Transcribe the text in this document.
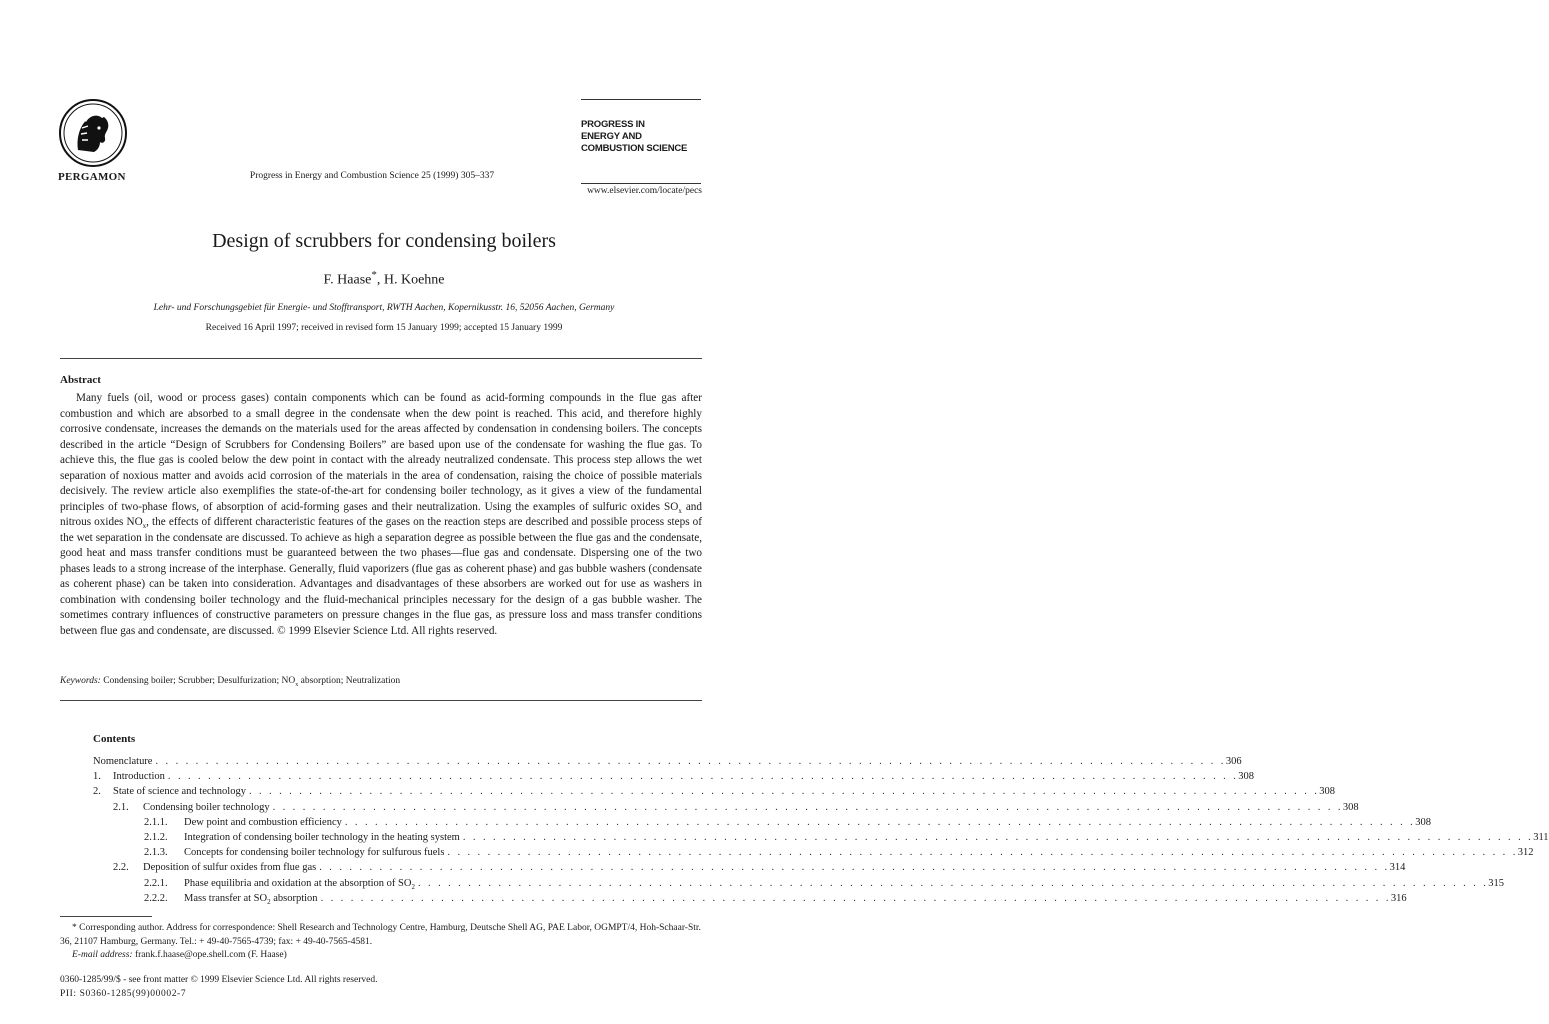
PERGAMON	Progress in Energy and Combustion Science 25 (1999) 305–337
PROGRESS IN
ENERGY AND
COMBUSTION SCIENCE
www.elsevier.com/locate/pecs
Design of scrubbers for condensing boilers
F. Haase*, H. Koehne
Lehr- und Forschungsgebiet für Energie- und Stofftransport, RWTH Aachen, Kopernikusstr. 16, 52056 Aachen, Germany
Received 16 April 1997; received in revised form 15 January 1999; accepted 15 January 1999
Abstract
Many fuels (oil, wood or process gases) contain components which can be found as acid-forming compounds in the flue gas after combustion and which are absorbed to a small degree in the condensate when the dew point is reached. This acid, and therefore highly corrosive condensate, increases the demands on the materials used for the areas affected by condensation in condensing boilers. The concepts described in the article “Design of Scrubbers for Condensing Boilers” are based upon use of the condensate for washing the flue gas. To achieve this, the flue gas is cooled below the dew point in contact with the already neutralized condensate. This process step allows the wet separation of noxious matter and avoids acid corrosion of the materials in the area of condensation, raising the choice of possible materials decisively. The review article also exemplifies the state-of-the-art for condensing boiler technology, as it gives a view of the fundamental principles of two-phase flows, of absorption of acid-forming gases and their neutralization. Using the examples of sulfuric oxides $SO_x$ and nitrous oxides $NO_x$, the effects of different characteristic features of the gases on the reaction steps are described and possible process steps of the wet separation in the condensate are discussed. To achieve as high a separation degree as possible between the flue gas and the condensate, good heat and mass transfer conditions must be guaranteed between the two phases—flue gas and condensate. Dispersing one of the two phases leads to a strong increase of the interphase. Generally, fluid vaporizers (flue gas as coherent phase) and gas bubble washers (condensate as coherent phase) can be taken into consideration. Advantages and disadvantages of these absorbers are worked out for use as washers in combination with condensing boiler technology and the fluid-mechanical principles necessary for the design of a gas bubble washer. The sometimes contrary influences of constructive parameters on pressure changes in the flue gas, as pressure loss and mass transfer conditions between flue gas and condensate, are discussed. © 1999 Elsevier Science Ltd. All rights reserved.
Keywords: Condensing boiler; Scrubber; Desulfurization; $NO_x$ absorption; Neutralization
Contents
Nomenclature . . . . . . . . . . . . . . . . . . . . . . . . . . . . . . . . . . . . . . . . . . . . . . . . . . . . . . . . . . . . . . . . . . . . . . . . . . . . . . . . . . . . . . . . . . . . . . . . . . . . . . . . . . . 306
1. Introduction . . . . . . . . . . . . . . . . . . . . . . . . . . . . . . . . . . . . . . . . . . . . . . . . . . . . . . . . . . . . . . . . . . . . . . . . . . . . . . . . . . . . . . . . . . . . . . . . . . . . . . . . . . . 308
2. State of science and technology . . . . . . . . . . . . . . . . . . . . . . . . . . . . . . . . . . . . . . . . . . . . . . . . . . . . . . . . . . . . . . . . . . . . . . . . . . . . . . . . . . . . . . . . . . . . . . . . . . . . . . . . . . . 308
2.1. Condensing boiler technology . . . . . . . . . . . . . . . . . . . . . . . . . . . . . . . . . . . . . . . . . . . . . . . . . . . . . . . . . . . . . . . . . . . . . . . . . . . . . . . . . . . . . . . . . . . . . . . . . . . . . . . . . . . 308
2.1.1. Dew point and combustion efficiency . . . . . . . . . . . . . . . . . . . . . . . . . . . . . . . . . . . . . . . . . . . . . . . . . . . . . . . . . . . . . . . . . . . . . . . . . . . . . . . . . . . . . . . . . . . . . . . . . . . . . . . . . . . 308
2.1.2. Integration of condensing boiler technology in the heating system . . . . . . . . . . . . . . . . . . . . . . . . . . . . . . . . . . . . . . . . . . . . . . . . . . . . . . . . . . . . . . . . . . . . . . . . . . . . . . . . . . . . . . . . . . . . . . . . . . . . . . . . . . . 311
2.1.3. Concepts for condensing boiler technology for sulfurous fuels . . . . . . . . . . . . . . . . . . . . . . . . . . . . . . . . . . . . . . . . . . . . . . . . . . . . . . . . . . . . . . . . . . . . . . . . . . . . . . . . . . . . . . . . . . . . . . . . . . . . . . . . . . . 312
2.2. Deposition of sulfur oxides from flue gas . . . . . . . . . . . . . . . . . . . . . . . . . . . . . . . . . . . . . . . . . . . . . . . . . . . . . . . . . . . . . . . . . . . . . . . . . . . . . . . . . . . . . . . . . . . . . . . . . . . . . . . . . . . 314
2.2.1. Phase equilibria and oxidation at the absorption of $SO_2$ . . . . . . . . . . . . . . . . . . . . . . . . . . . . . . . . . . . . . . . . . . . . . . . . . . . . . . . . . . . . . . . . . . . . . . . . . . . . . . . . . . . . . . . . . . . . . . . . . . . . . . . . . . . 315
2.2.2. Mass transfer at $SO_2$ absorption . . . . . . . . . . . . . . . . . . . . . . . . . . . . . . . . . . . . . . . . . . . . . . . . . . . . . . . . . . . . . . . . . . . . . . . . . . . . . . . . . . . . . . . . . . . . . . . . . . . . . . . . . . . 316
* Corresponding author. Address for correspondence: Shell Research and Technology Centre, Hamburg, Deutsche Shell AG, PAE Labor, OGMPT/4, Hoh-Schaar-Str. 36, 21107 Hamburg, Germany. Tel.: + 49-40-7565-4739; fax: + 49-40-7565-4581.
E-mail address: frank.f.haase@ope.shell.com (F. Haase)
0360-1285/99/$ - see front matter © 1999 Elsevier Science Ltd. All rights reserved.
PII: S0360-1285(99)00002-7
